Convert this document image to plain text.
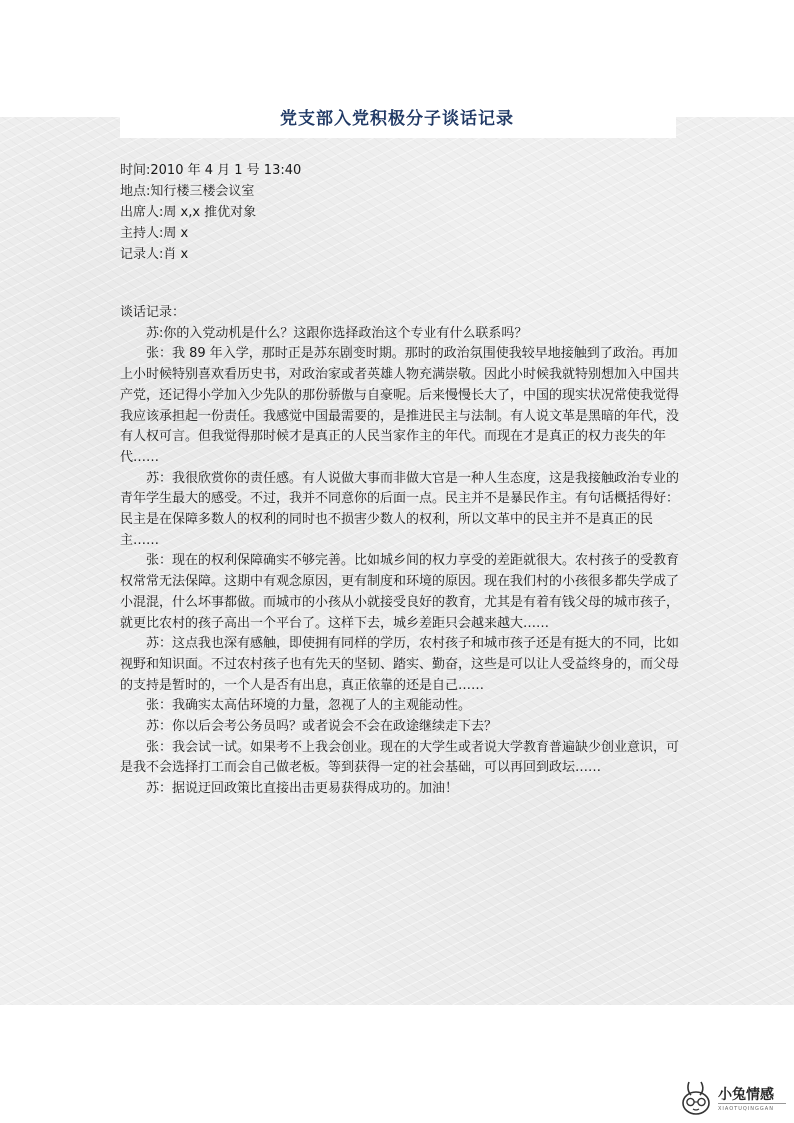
党支部入党积极分子谈话记录
时间:2010 年 4 月 1 号 13:40
地点:知行楼三楼会议室
出席人:周 x,x 推优对象
主持人:周 x
记录人:肖 x

谈话记录：

苏:你的入党动机是什么？这跟你选择政治这个专业有什么联系吗？

张：我 89 年入学，那时正是苏东剧变时期。那时的政治氛围使我较早地接触到了政治。再加上小时候特别喜欢看历史书，对政治家或者英雄人物充满崇敬。因此小时候我就特别想加入中国共产党，还记得小学加入少先队的那份骄傲与自豪呢。后来慢慢长大了，中国的现实状况常使我觉得我应该承担起一份责任。我感觉中国最需要的，是推进民主与法制。有人说文革是黑暗的年代，没有人权可言。但我觉得那时候才是真正的人民当家作主的年代。而现在才是真正的权力丧失的年代……

苏：我很欣赏你的责任感。有人说做大事而非做大官是一种人生态度，这是我接触政治专业的青年学生最大的感受。不过，我并不同意你的后面一点。民主并不是暴民作主。有句话概括得好：民主是在保障多数人的权利的同时也不损害少数人的权利，所以文革中的民主并不是真正的民主……

张：现在的权利保障确实不够完善。比如城乡间的权力享受的差距就很大。农村孩子的受教育权常常无法保障。这期中有观念原因，更有制度和环境的原因。现在我们村的小孩很多都失学成了小混混，什么坏事都做。而城市的小孩从小就接受良好的教育，尤其是有着有钱父母的城市孩子，就更比农村的孩子高出一个平台了。这样下去，城乡差距只会越来越大……

苏：这点我也深有感触，即使拥有同样的学历，农村孩子和城市孩子还是有挺大的不同，比如视野和知识面。不过农村孩子也有先天的坚韧、踏实、勤奋，这些是可以让人受益终身的，而父母的支持是暂时的，一个人是否有出息，真正依靠的还是自己……

张：我确实太高估环境的力量，忽视了人的主观能动性。

苏：你以后会考公务员吗？或者说会不会在政途继续走下去？

张：我会试一试。如果考不上我会创业。现在的大学生或者说大学教育普遍缺少创业意识，可是我不会选择打工而会自己做老板。等到获得一定的社会基础，可以再回到政坛……

苏：据说迂回政策比直接出击更易获得成功的。加油！

小兔情感
XIAOTUQINGGAN
